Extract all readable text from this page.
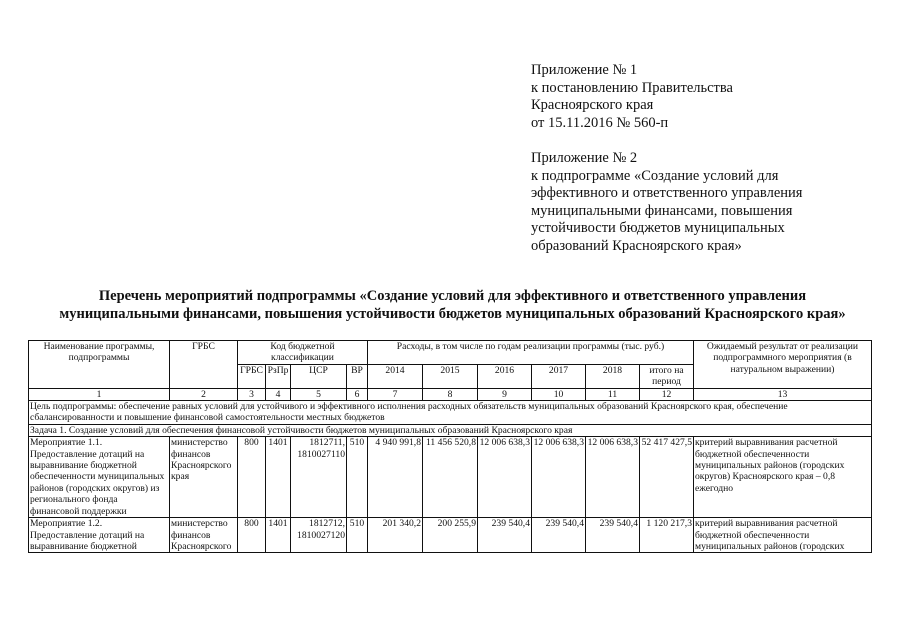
Приложение № 1
к постановлению Правительства
Красноярского края
от 15.11.2016 № 560-п
Приложение № 2
к подпрограмме «Создание условий для
эффективного и ответственного управления
муниципальными финансами, повышения
устойчивости бюджетов муниципальных
образований Красноярского края»
Перечень мероприятий подпрограммы «Создание условий для эффективного и ответственного управления
муниципальными финансами, повышения устойчивости бюджетов муниципальных образований Красноярского края»
Наименование программы, подпрограммы	ГРБС	Код бюджетной классификации				Расходы, в том числе по годам реализации программы (тыс. руб.)						Ожидаемый результат от реализации подпрограммного мероприятия (в натуральном выражении)
		ГРБС	РзПр	ЦСР	ВР	2014	2015	2016	2017	2018	итого на период	
1	2	3	4	5	6	7	8	9	10	11	12	13
Цель подпрограммы: обеспечение равных условий для устойчивого и эффективного исполнения расходных обязательств муниципальных образований Красноярского края, обеспечение сбалансированности и повышение финансовой самостоятельности местных бюджетов												
Задача 1. Создание условий для обеспечения финансовой устойчивости бюджетов муниципальных образований Красноярского края												
Мероприятие 1.1. Предоставление дотаций на выравнивание бюджетной обеспеченности муниципальных районов (городских округов) из регионального фонда финансовой поддержки	министерство финансов Красноярского края	800	1401	1812711, 1810027110	510	4 940 991,8	11 456 520,8	12 006 638,3	12 006 638,3	12 006 638,3	52 417 427,5	критерий выравнивания расчетной бюджетной обеспеченности муниципальных районов (городских округов) Красноярского края – 0,8 ежегодно
Мероприятие 1.2. Предоставление дотаций на выравнивание бюджетной	министерство финансов Красноярского	800	1401	1812712, 1810027120	510	201 340,2	200 255,9	239 540,4	239 540,4	239 540,4	1 120 217,3	критерий выравнивания расчетной бюджетной обеспеченности муниципальных районов (городских
